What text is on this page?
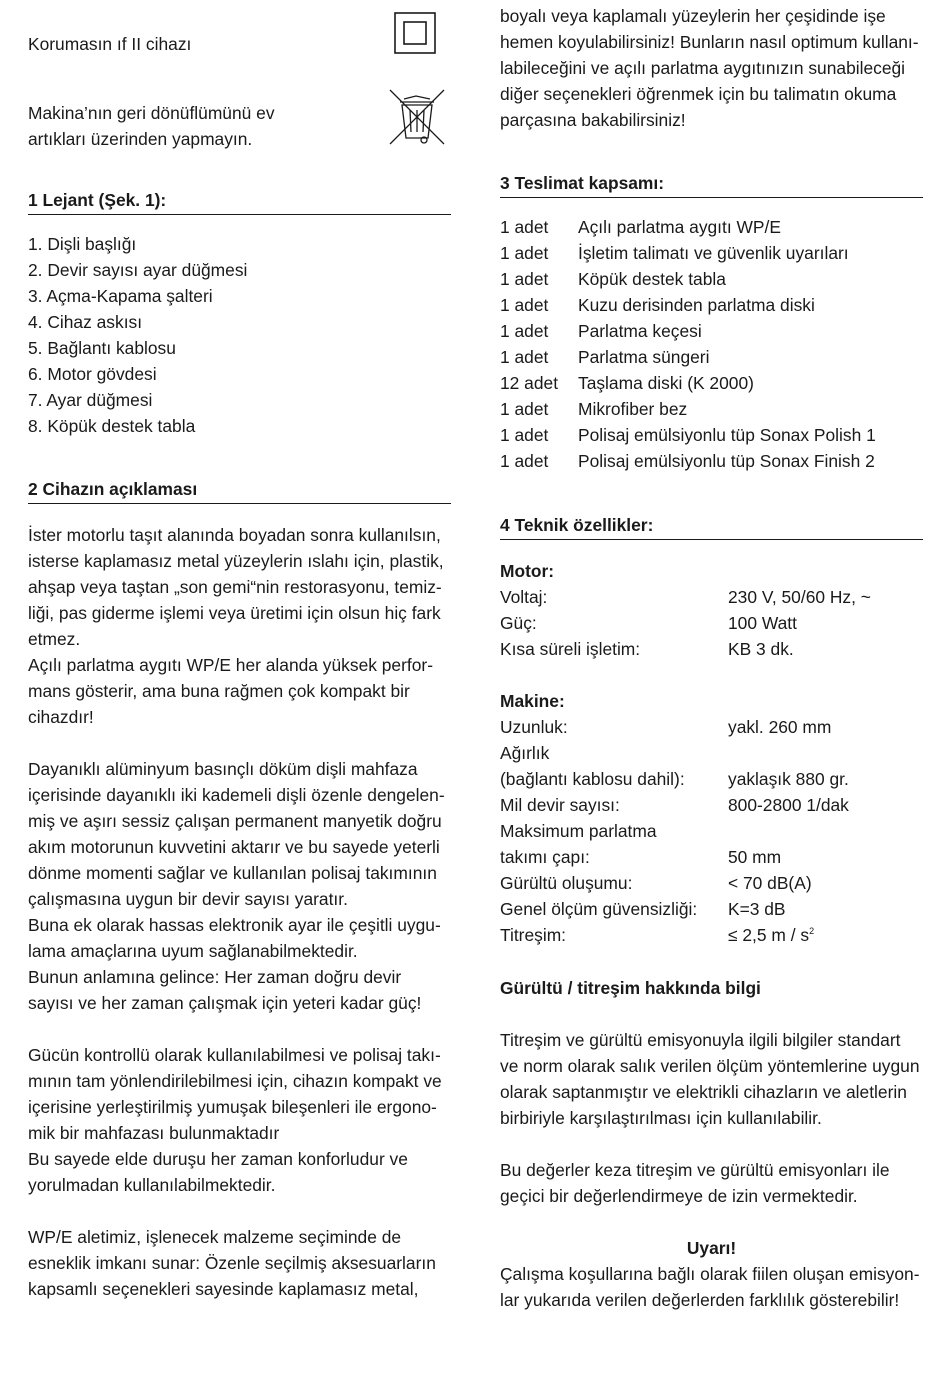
Korumasın ıf II cihazı

Makina’nın geri dönüflümünü ev

artıkları üzerinden yapmayın.

1 Lejant (Şek. 1):

1. Dişli başlığı
2. Devir sayısı ayar düğmesi
3. Açma-Kapama şalteri
4. Cihaz askısı
5. Bağlantı kablosu
6. Motor gövdesi
7. Ayar düğmesi
8. Köpük destek tabla

2 Cihazın açıklaması

İster motorlu taşıt alanında boyadan sonra kullanılsın,

isterse kaplamasız metal yüzeylerin ıslahı için, plastik,

ahşap veya taştan „son gemi“nin restorasyonu, temiz-

liği, pas giderme işlemi veya üretimi için olsun hiç fark

etmez.

Açılı parlatma aygıtı WP/E her alanda yüksek perfor-

mans gösterir, ama buna rağmen çok kompakt bir

cihazdır!

Dayanıklı alüminyum basınçlı döküm dişli mahfaza

içerisinde dayanıklı iki kademeli dişli özenle dengelen-

miş ve aşırı sessiz çalışan permanent manyetik doğru

akım motorunun kuvvetini aktarır ve bu sayede yeterli

dönme momenti sağlar ve kullanılan polisaj takımının

çalışmasına uygun bir devir sayısı yaratır.

Buna ek olarak hassas elektronik ayar ile çeşitli uygu-

lama amaçlarına uyum sağlanabilmektedir.

Bunun anlamına gelince: Her zaman doğru devir

sayısı ve her zaman çalışmak için yeteri kadar güç!

Gücün kontrollü olarak kullanılabilmesi ve polisaj takı-

mının tam yönlendirilebilmesi için, cihazın kompakt ve

içerisine yerleştirilmiş yumuşak bileşenleri ile ergono-

mik bir mahfazası bulunmaktadır

Bu sayede elde duruşu her zaman konforludur ve

yorulmadan kullanılabilmektedir.

WP/E aletimiz, işlenecek malzeme seçiminde de

esneklik imkanı sunar: Özenle seçilmiş aksesuarların

kapsamlı seçenekleri sayesinde kaplamasız metal,

boyalı veya kaplamalı yüzeylerin her çeşidinde işe

hemen koyulabilirsiniz! Bunların nasıl optimum kullanı-

labileceğini ve açılı parlatma aygıtınızın sunabileceği

diğer seçenekleri öğrenmek için bu talimatın okuma

parçasına bakabilirsiniz!

3 Teslimat kapsamı:

1 adet	Açılı parlatma aygıtı WP/E
1 adet	İşletim talimatı ve güvenlik uyarıları
1 adet	Köpük destek tabla
1 adet	Kuzu derisinden parlatma diski
1 adet	Parlatma keçesi
1 adet	Parlatma süngeri
12 adet	Taşlama diski (K 2000)
1 adet	Mikrofiber bez
1 adet	Polisaj emülsiyonlu tüp Sonax Polish 1
1 adet	Polisaj emülsiyonlu tüp Sonax Finish 2

4 Teknik özellikler:

Motor:

Voltaj:	230 V, 50/60 Hz, ~
Güç:	100 Watt
Kısa süreli işletim:	KB 3 dk.

Makine:

Uzunluk:	yakl. 260 mm
Ağırlık
(bağlantı kablosu dahil):	yaklaşık 880 gr.
Mil devir sayısı:	800-2800 1/dak
Maksimum parlatma
takımı çapı:	50 mm
Gürültü oluşumu:	< 70 dB(A)
Genel ölçüm güvensizliği:	K=3 dB
Titreşim:	≤ 2,5 m / $s^2$

Gürültü / titreşim hakkında bilgi

Titreşim ve gürültü emisyonuyla ilgili bilgiler standart

ve norm olarak salık verilen ölçüm yöntemlerine uygun

olarak saptanmıştır ve elektrikli cihazların ve aletlerin

birbiriyle karşılaştırılması için kullanılabilir.

Bu değerler keza titreşim ve gürültü emisyonları ile

geçici bir değerlendirmeye de izin vermektedir.

Uyarı!

Çalışma koşullarına bağlı olarak fiilen oluşan emisyon-

lar yukarıda verilen değerlerden farklılık gösterebilir!
